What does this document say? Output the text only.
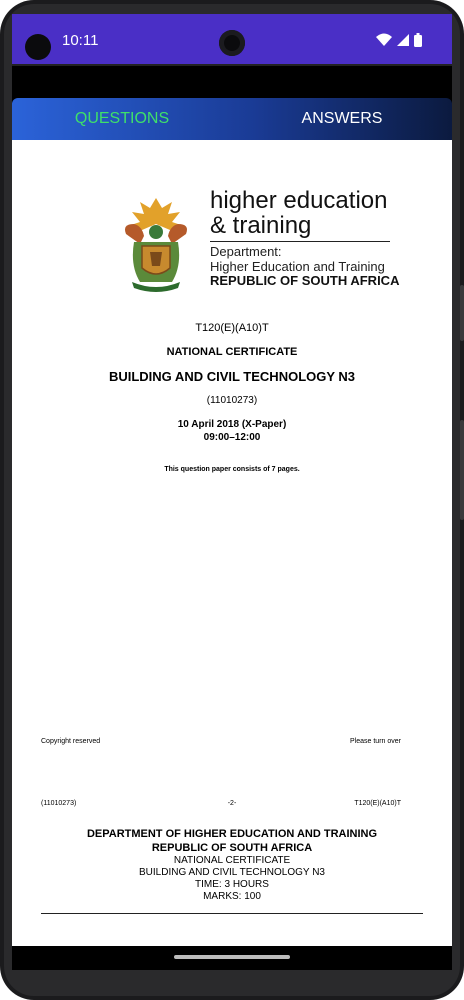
10:11
QUESTIONS	ANSWERS
higher education
& training
Department:
Higher Education and Training
REPUBLIC OF SOUTH AFRICA
T120(E)(A10)T
NATIONAL CERTIFICATE
BUILDING AND CIVIL TECHNOLOGY N3
(11010273)
10 April 2018 (X-Paper)
09:00–12:00
This question paper consists of 7 pages.
Copyright reserved	Please turn over
(11010273)	-2-	T120(E)(A10)T
DEPARTMENT OF HIGHER EDUCATION AND TRAINING
REPUBLIC OF SOUTH AFRICA
NATIONAL CERTIFICATE
BUILDING AND CIVIL TECHNOLOGY N3
TIME: 3 HOURS
MARKS: 100
